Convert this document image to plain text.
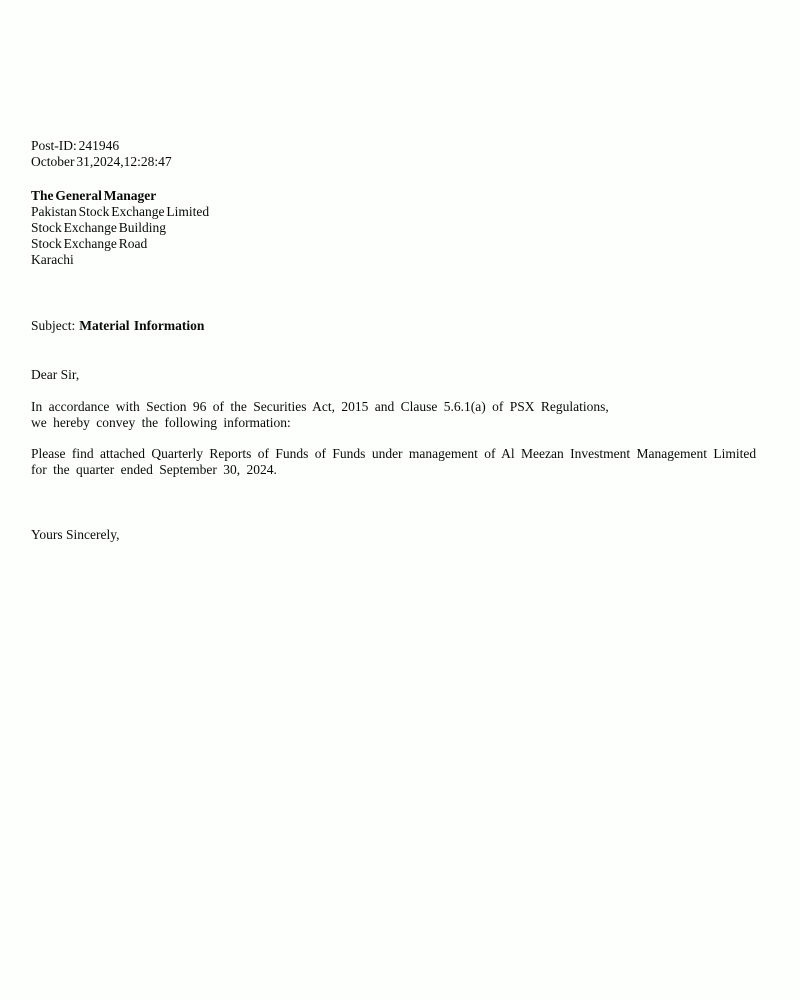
Post-ID: 241946
October 31,2024,12:28:47
The General Manager
Pakistan Stock Exchange Limited
Stock Exchange Building
Stock Exchange Road
Karachi
Subject: Material Information
Dear Sir,
In accordance with Section 96 of the Securities Act, 2015 and Clause 5.6.1(a) of PSX Regulations,
we hereby convey the following information:
Please find attached Quarterly Reports of Funds of Funds under management of Al Meezan Investment Management Limited
for the quarter ended September 30, 2024.
Yours Sincerely,
